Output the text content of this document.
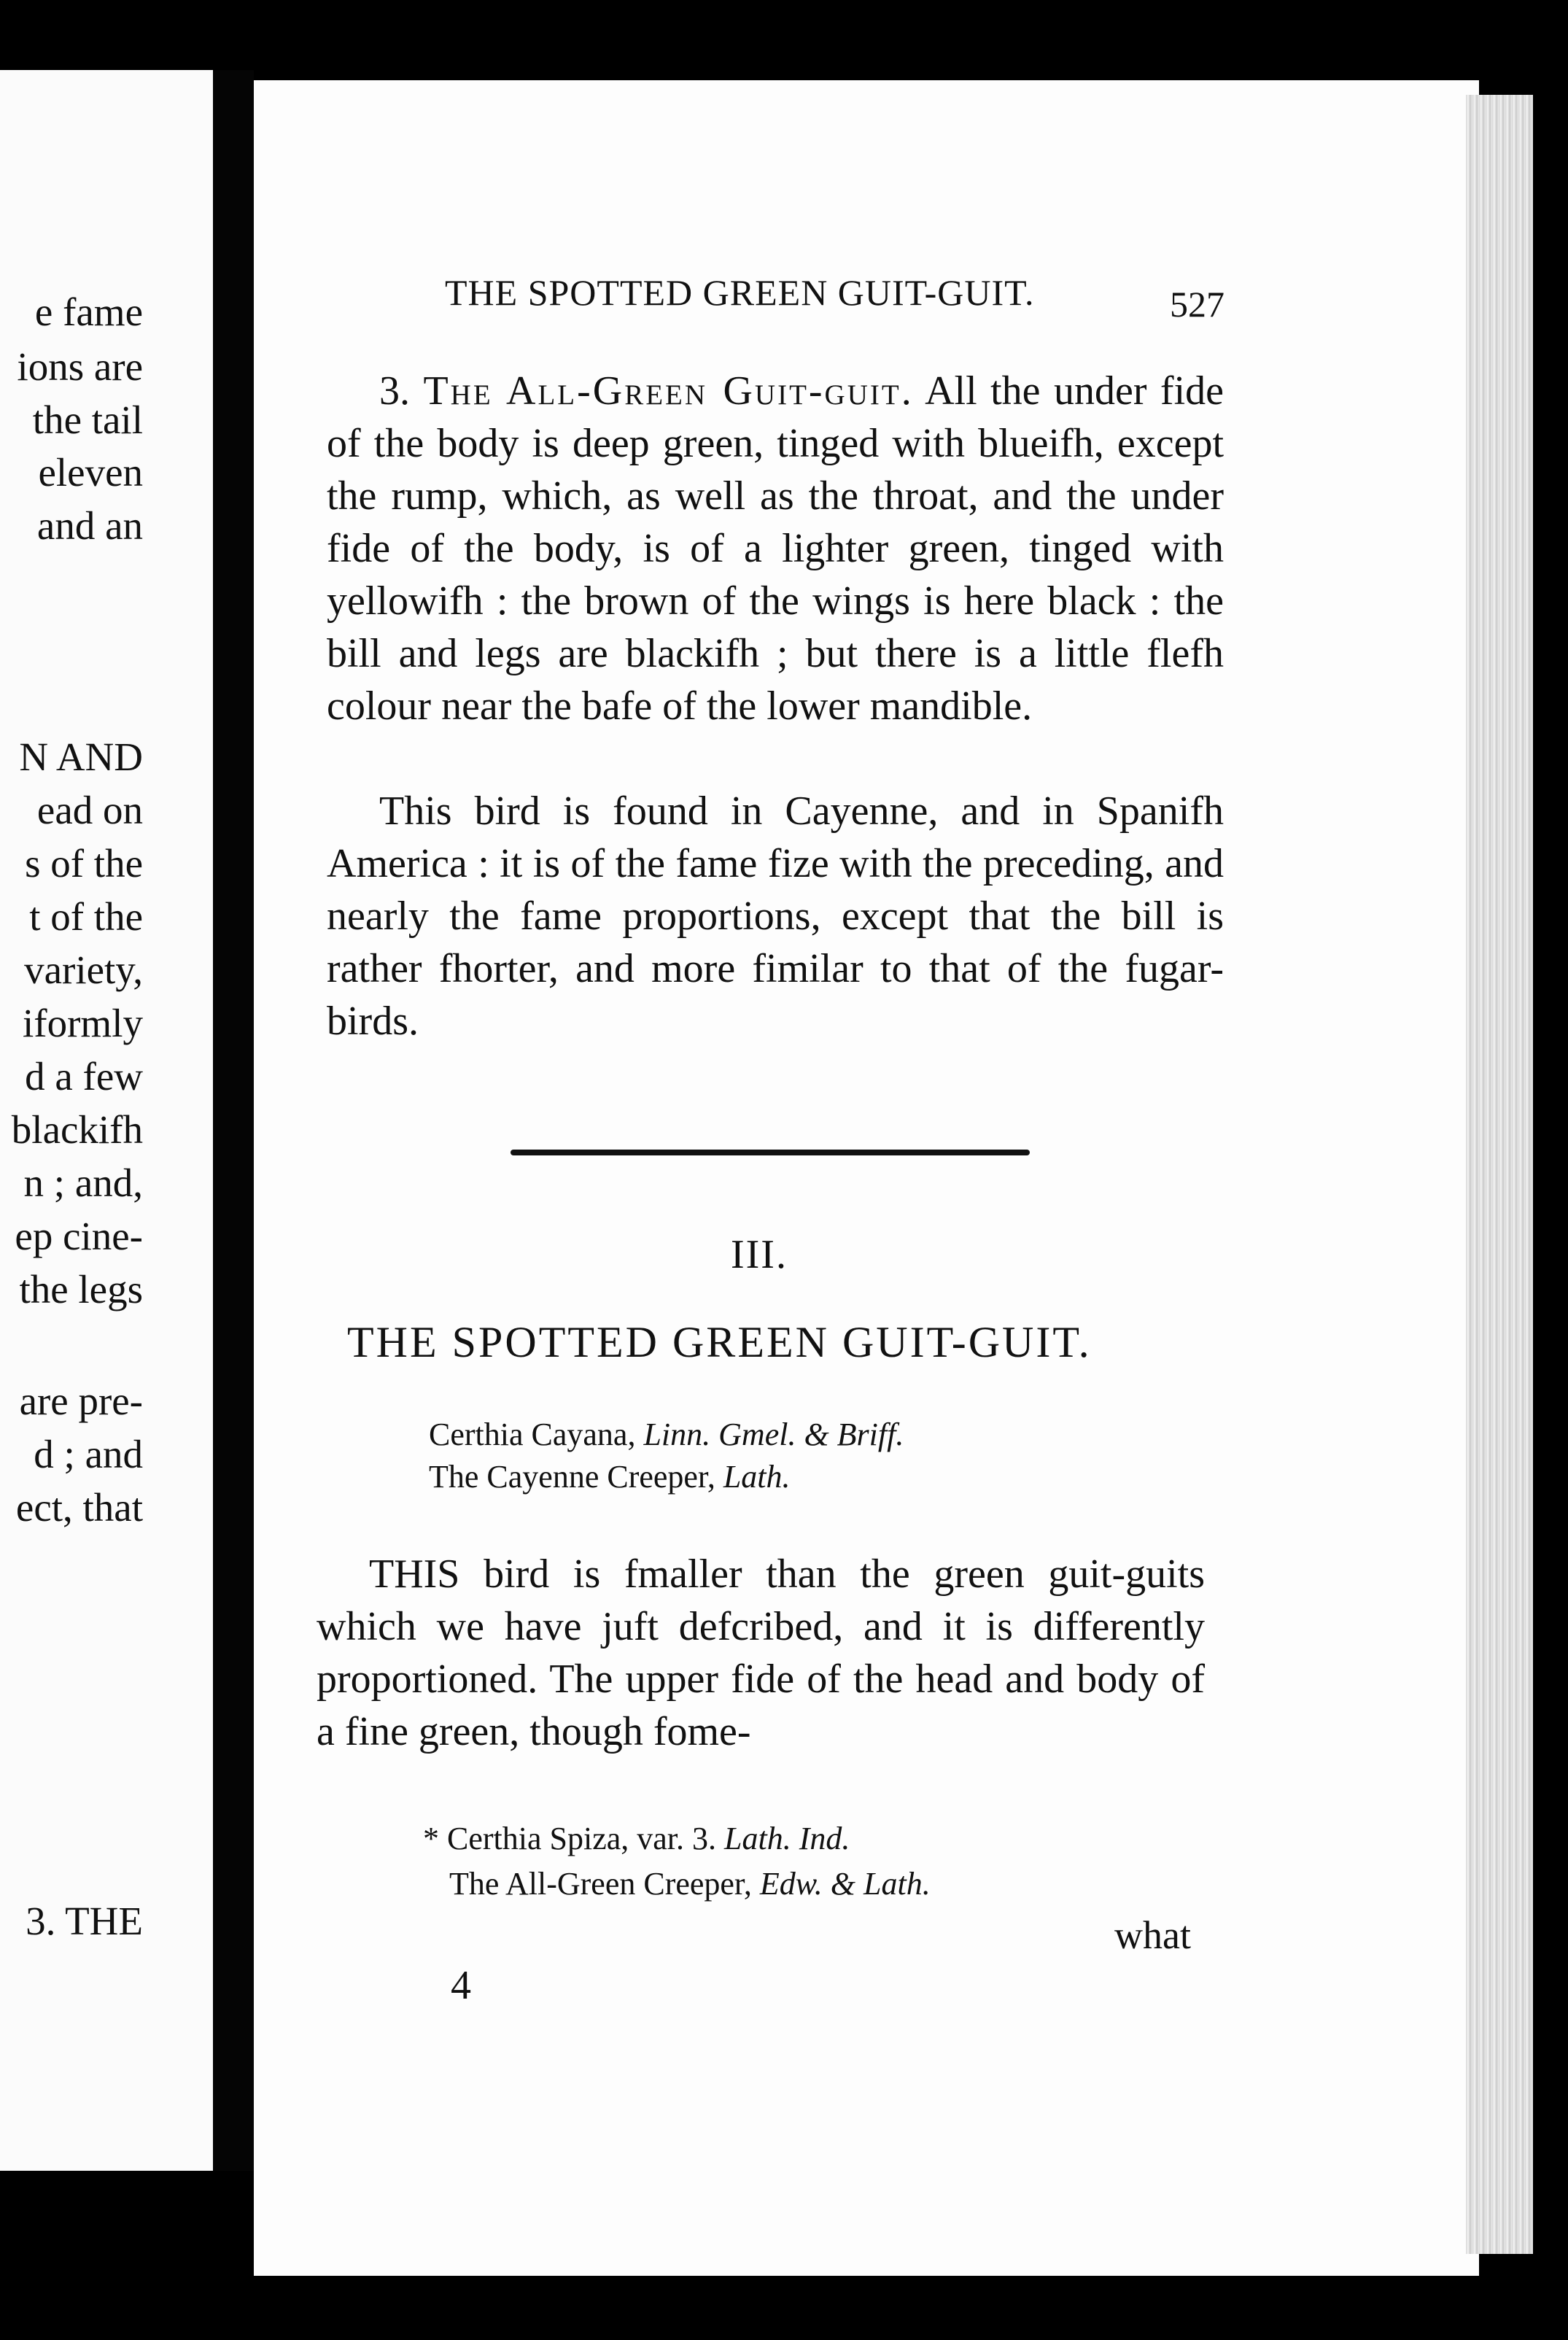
e fame
ions are
the tail
eleven
and an
N AND
ead on
s of the
t of the
variety,
iformly
d a few
blackifh
n ; and,
ep cine-
the legs
are pre-
d ; and
ect, that
3. THE
THE SPOTTED GREEN GUIT-GUIT.	527

3. The All-Green Guit-guit. All the under fide of the body is deep green, tinged with blueifh, except the rump, which, as well as the throat, and the under fide of the body, is of a lighter green, tinged with yellowifh : the brown of the wings is here black : the bill and legs are blackifh ; but there is a little flefh colour near the bafe of the lower mandible.

This bird is found in Cayenne, and in Spanifh America : it is of the fame fize with the preceding, and nearly the fame proportions, except that the bill is rather fhorter, and more fimilar to that of the fugar-birds.

III.
THE SPOTTED GREEN GUIT-GUIT.
Certhia Cayana, Linn. Gmel. & Briff.
The Cayenne Creeper, Lath.

THIS bird is fmaller than the green guit-guits which we have juft defcribed, and it is differently proportioned. The upper fide of the head and body of a fine green, though fome-

* Certhia Spiza, var. 3. Lath. Ind.
The All-Green Creeper, Edw. & Lath.
what
4
